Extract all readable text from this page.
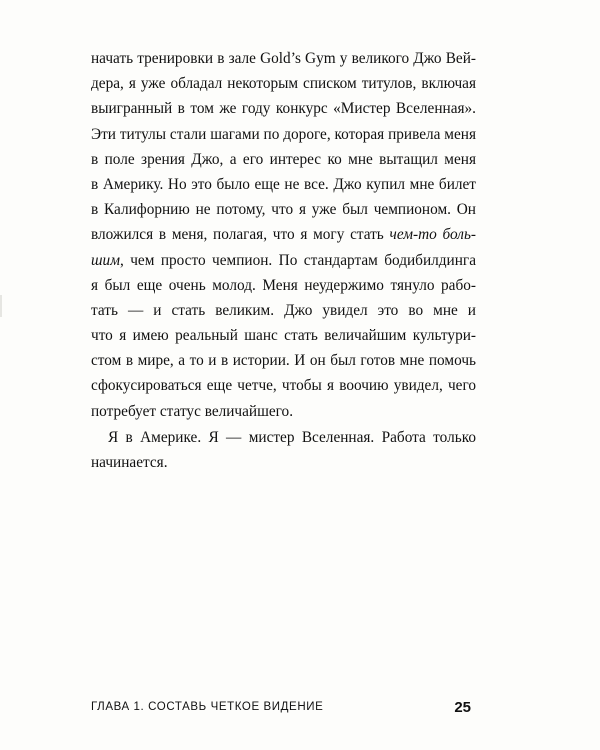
начать тренировки в зале Gold’s Gym у великого Джо Вей-
дера, я уже обладал некоторым списком титулов, включая
выигранный в том же году конкурс «Мистер Вселенная».
Эти титулы стали шагами по дороге, которая привела меня
в поле зрения Джо, а его интерес ко мне вытащил меня
в Америку. Но это было еще не все. Джо купил мне билет
в Калифорнию не потому, что я уже был чемпионом. Он
вложился в меня, полагая, что я могу стать чем-то боль-
шим, чем просто чемпион. По стандартам бодибилдинга
я был еще очень молод. Меня неудержимо тянуло рабо-
тать — и стать великим. Джо увидел это во мне и
что я имею реальный шанс стать величайшим культури-
стом в мире, а то и в истории. И он был готов мне помочь
сфокусироваться еще четче, чтобы я воочию увидел, чего
потребует статус величайшего.
Я в Америке. Я — мистер Вселенная. Работа только
начинается.
ГЛАВА 1. СОСТАВЬ ЧЕТКОЕ ВИДЕНИЕ	25
